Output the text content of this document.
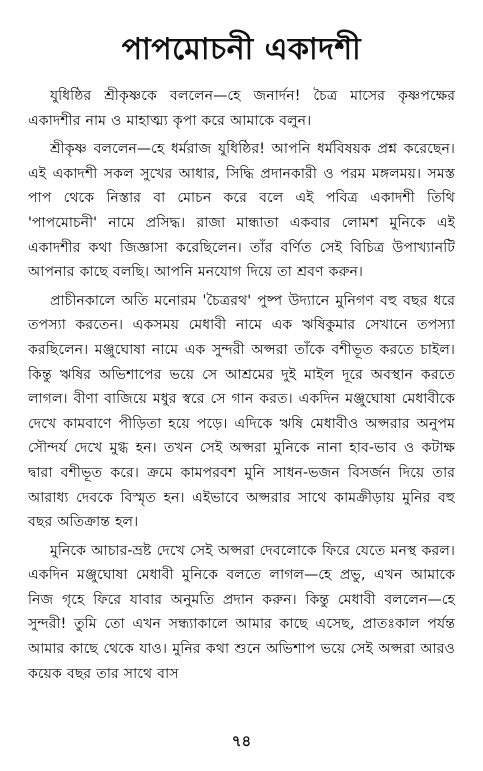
পাপমোচনী একাদশী

যুধিষ্ঠির শ্রীকৃষ্ণকে বললেন—হে জনার্দন! চৈত্র মাসের কৃষ্ণপক্ষের একাদশীর নাম ও মাহাত্ম্য কৃপা করে আমাকে বলুন।

শ্রীকৃষ্ণ বললেন—হে ধর্মরাজ যুধিষ্ঠির! আপনি ধর্মবিষয়ক প্রশ্ন করেছেন। এই একাদশী সকল সুখের আধার, সিদ্ধি প্রদানকারী ও পরম মঙ্গলময়। সমস্ত পাপ থেকে নিস্তার বা মোচন করে বলে এই পবিত্র একাদশী তিথি 'পাপমোচনী' নামে প্রসিদ্ধ। রাজা মান্ধাতা একবার লোমশ মুনিকে এই একাদশীর কথা জিজ্ঞাসা করেছিলেন। তাঁর বর্ণিত সেই বিচিত্র উপাখ্যানটি আপনার কাছে বলছি। আপনি মনযোগ দিয়ে তা শ্রবণ করুন।

প্রাচীনকালে অতি মনোরম 'চৈত্ররথ' পুষ্প উদ্যানে মুনিগণ বহু বছর ধরে তপস্যা করতেন। একসময় মেধাবী নামে এক ঋষিকুমার সেখানে তপস্যা করছিলেন। মঞ্জুঘোষা নামে এক সুন্দরী অপ্সরা তাঁকে বশীভূত করতে চাইল। কিন্তু ঋষির অভিশাপের ভয়ে সে আশ্রমের দুই মাইল দূরে অবস্থান করতে লাগল। বীণা বাজিয়ে মধুর স্বরে সে গান করত। একদিন মঞ্জুঘোষা মেধাবীকে দেখে কামবাণে পীড়িতা হয়ে পড়ে। এদিকে ঋষি মেধাবীও অপ্সরার অনুপম সৌন্দর্য দেখে মুগ্ধ হন। তখন সেই অপ্সরা মুনিকে নানা হাব-ভাব ও কটাক্ষ দ্বারা বশীভূত করে। ক্রমে কামপরবশ মুনি সাধন-ভজন বিসর্জন দিয়ে তার আরাধ্য দেবকে বিস্মৃত হন। এইভাবে অপ্সরার সাথে কামক্রীড়ায় মুনির বহু বছর অতিক্রান্ত হল।

মুনিকে আচার-ভ্রষ্ট দেখে সেই অপ্সরা দেবলোকে ফিরে যেতে মনস্থ করল। একদিন মঞ্জুঘোষা মেধাবী মুনিকে বলতে লাগল—হে প্রভু, এখন আমাকে নিজ গৃহে ফিরে যাবার অনুমতি প্রদান করুন। কিন্তু মেধাবী বললেন—হে সুন্দরী! তুমি তো এখন সন্ধ্যাকালে আমার কাছে এসেছ, প্রাতঃকাল পর্যন্ত আমার কাছে থেকে যাও। মুনির কথা শুনে অভিশাপ ভয়ে সেই অপ্সরা আরও কয়েক বছর তার সাথে বাস

৭৪
